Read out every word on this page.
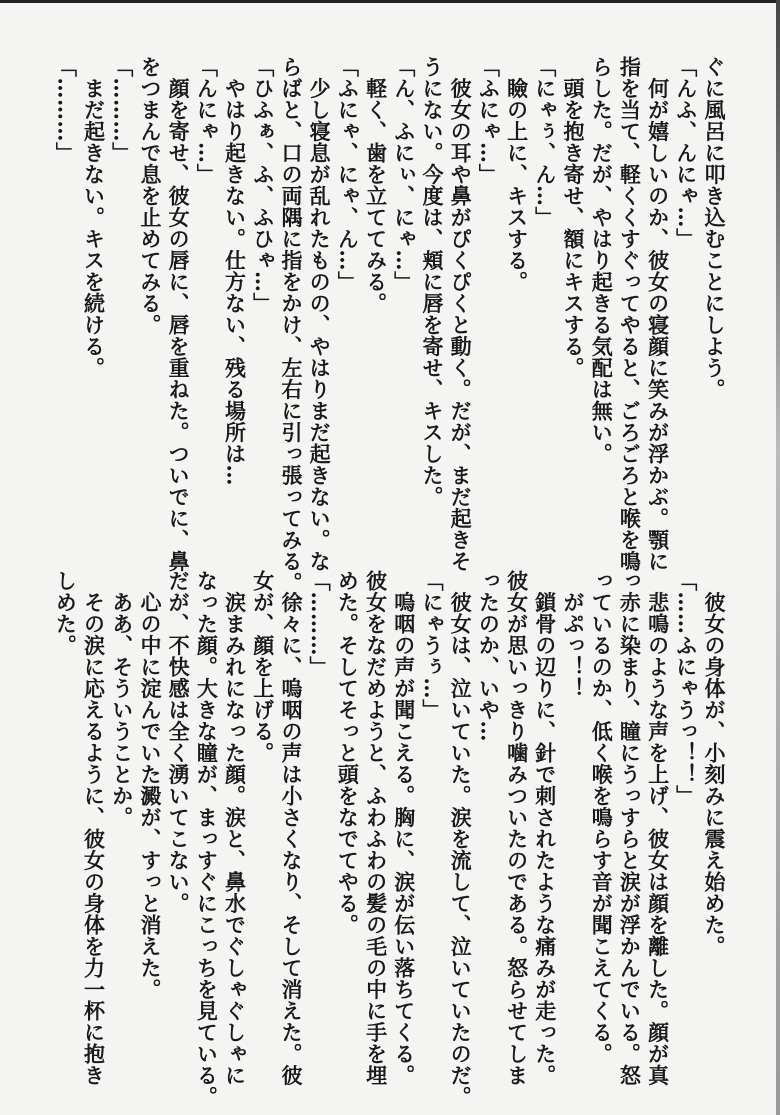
ぐに風呂に叩き込むことにしよう。
「んふ、んにゃ…」
　何が嬉しいのか、彼女の寝顔に笑みが浮かぶ。顎に
指を当て、軽くくすぐってやると、ごろごろと喉を鳴
らした。だが、やはり起きる気配は無い。
　頭を抱き寄せ、額にキスする。
「にゃぅ、ん…」
　瞼の上に、キスする。
「ふにゃ…」
　彼女の耳や鼻がぴくぴくと動く。だが、まだ起きそ
うにない。今度は、頬に唇を寄せ、キスした。
「ん、ふにぃ、にゃ…」
　軽く、歯を立ててみる。
「ふにゃ、にゃ、ん…」
　少し寝息が乱れたものの、やはりまだ起きない。な
らばと、口の両隅に指をかけ、左右に引っ張ってみる。
「ひふぁ、ふ、ふひゃ…」
　やはり起きない。仕方ない、残る場所は…
「んにゃ…」
　顔を寄せ、彼女の唇に、唇を重ねた。ついでに、鼻
をつまんで息を止めてみる。
「………」
　まだ起きない。キスを続ける。
「………」
　彼女の身体が、小刻みに震え始めた。
「……ふにゃうっ！！」
　悲鳴のような声を上げ、彼女は顔を離した。顔が真
っ赤に染まり、瞳にうっすらと涙が浮かんでいる。怒
っているのか、低く喉を鳴らす音が聞こえてくる。
　がぷっ！！
　鎖骨の辺りに、針で刺されたような痛みが走った。
彼女が思いっきり噛みついたのである。怒らせてしま
ったのか、いや…
　彼女は、泣いていた。涙を流して、泣いていたのだ。
「にゃうぅ…」
　嗚咽の声が聞こえる。胸に、涙が伝い落ちてくる。
彼女をなだめようと、ふわふわの髪の毛の中に手を埋
めた。そしてそっと頭をなでてやる。
「………」
　徐々に、嗚咽の声は小さくなり、そして消えた。彼
女が、顔を上げる。
　涙まみれになった顔。涙と、鼻水でぐしゃぐしゃに
なった顔。大きな瞳が、まっすぐにこっちを見ている。
だが、不快感は全く湧いてこない。
　心の中に淀んでいた澱が、すっと消えた。
　ああ、そういうことか。
　その涙に応えるように、彼女の身体を力一杯に抱き
しめた。
